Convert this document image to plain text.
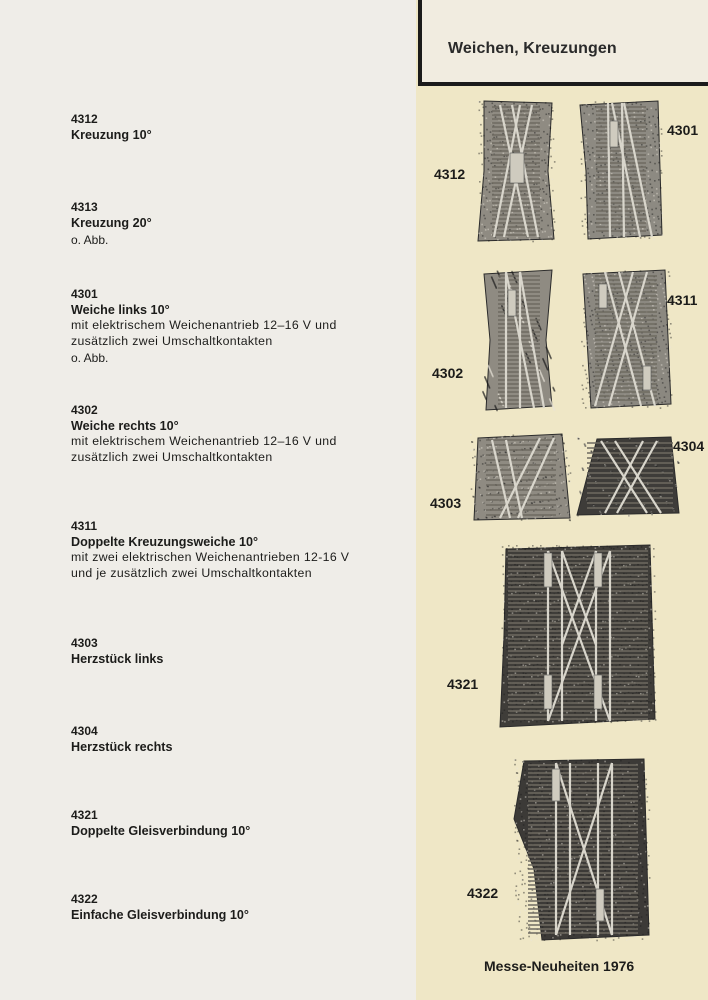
Weichen, Kreuzungen
4312
Kreuzung 10°
4313
Kreuzung 20°
o. Abb.
4301
Weiche links 10°
mit elektrischem Weichenantrieb 12–16 V und
zusätzlich zwei Umschaltkontakten
o. Abb.
4302
Weiche rechts 10°
mit elektrischem Weichenantrieb 12–16 V und
zusätzlich zwei Umschaltkontakten
4311
Doppelte Kreuzungsweiche 10°
mit zwei elektrischen Weichenantrieben 12-16 V
und je zusätzlich zwei Umschaltkontakten
4303
Herzstück links
4304
Herzstück rechts
4321
Doppelte Gleisverbindung 10°
4322
Einfache Gleisverbindung 10°
4312
4301
4302
4311
4303
4304
4321
4322
Messe-Neuheiten 1976
